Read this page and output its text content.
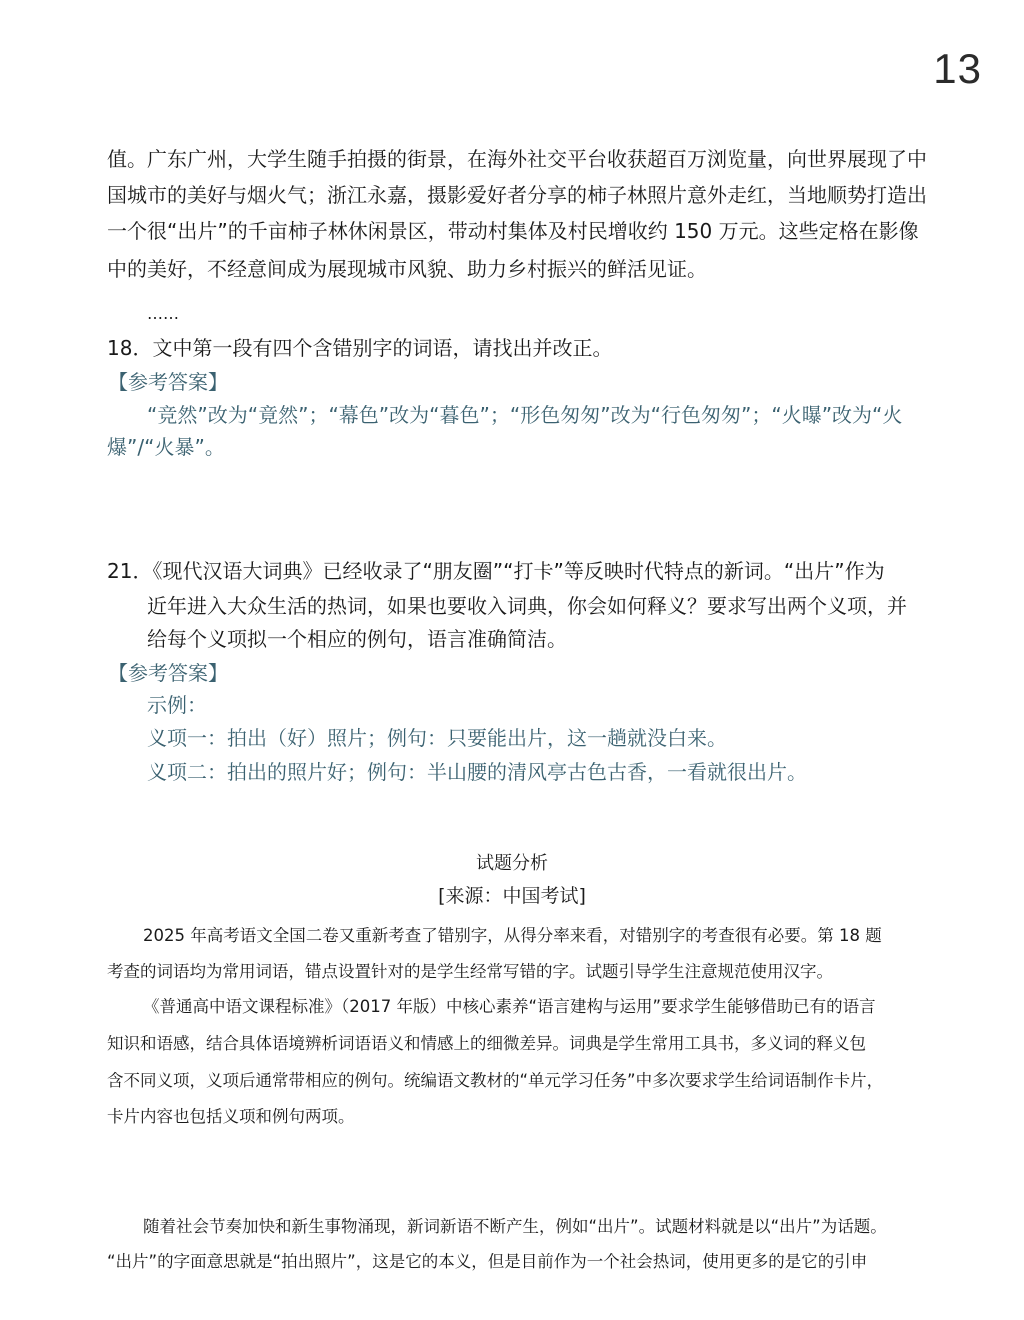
13
值。广东广州，大学生随手拍摄的街景，在海外社交平台收获超百万浏览量，向世界展现了中
国城市的美好与烟火气；浙江永嘉，摄影爱好者分享的柿子林照片意外走红，当地顺势打造出
一个很“出片”的千亩柿子林休闲景区，带动村集体及村民增收约 150 万元。这些定格在影像
中的美好，不经意间成为展现城市风貌、助力乡村振兴的鲜活见证。
……
18．文中第一段有四个含错别字的词语，请找出并改正。
【参考答案】
“竞然”改为“竟然”；“幕色”改为“暮色”；“形色匆匆”改为“行色匆匆”；“火曝”改为“火
爆”/“火暴”。
21．《现代汉语大词典》已经收录了“朋友圈”“打卡”等反映时代特点的新词。“出片”作为
近年进入大众生活的热词，如果也要收入词典，你会如何释义？要求写出两个义项，并
给每个义项拟一个相应的例句，语言准确简洁。
【参考答案】
示例：
义项一：拍出（好）照片；例句：只要能出片，这一趟就没白来。
义项二：拍出的照片好；例句：半山腰的清风亭古色古香，一看就很出片。
试题分析
[来源：中国考试]
2025 年高考语文全国二卷又重新考查了错别字，从得分率来看，对错别字的考查很有必要。第 18 题
考查的词语均为常用词语，错点设置针对的是学生经常写错的字。试题引导学生注意规范使用汉字。
《普通高中语文课程标准》（2017 年版）中核心素养“语言建构与运用”要求学生能够借助已有的语言
知识和语感，结合具体语境辨析词语语义和情感上的细微差异。词典是学生常用工具书，多义词的释义包
含不同义项，义项后通常带相应的例句。统编语文教材的“单元学习任务”中多次要求学生给词语制作卡片，
卡片内容也包括义项和例句两项。
随着社会节奏加快和新生事物涌现，新词新语不断产生，例如“出片”。试题材料就是以“出片”为话题。
“出片”的字面意思就是“拍出照片”，这是它的本义，但是目前作为一个社会热词，使用更多的是它的引申
